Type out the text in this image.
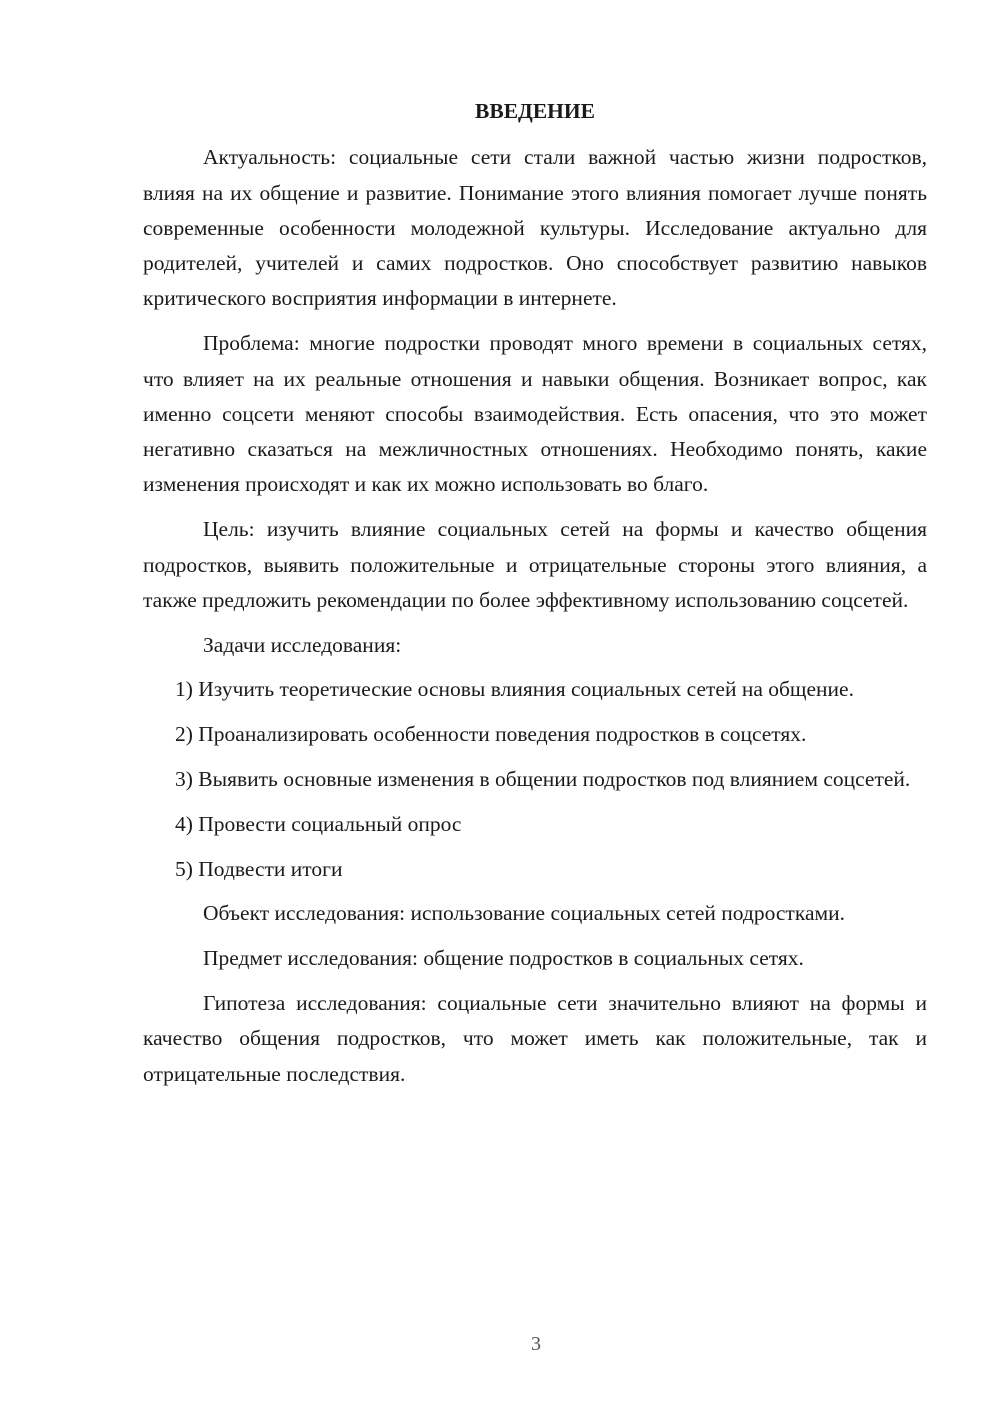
ВВЕДЕНИЕ

Актуальность: социальные сети стали важной частью жизни подростков, влияя на их общение и развитие. Понимание этого влияния помогает лучше понять современные особенности молодежной культуры. Исследование актуально для родителей, учителей и самих подростков. Оно способствует развитию навыков критического восприятия информации в интернете.

Проблема: многие подростки проводят много времени в социальных сетях, что влияет на их реальные отношения и навыки общения. Возникает вопрос, как именно соцсети меняют способы взаимодействия. Есть опасения, что это может негативно сказаться на межличностных отношениях. Необходимо понять, какие изменения происходят и как их можно использовать во благо.

Цель: изучить влияние социальных сетей на формы и качество общения подростков, выявить положительные и отрицательные стороны этого влияния, а также предложить рекомендации по более эффективному использованию соцсетей.

Задачи исследования:

1) Изучить теоретические основы влияния социальных сетей на общение.

2) Проанализировать особенности поведения подростков в соцсетях.

3) Выявить основные изменения в общении подростков под влиянием соцсетей.

4) Провести социальный опрос

5) Подвести итоги

Объект исследования: использование социальных сетей подростками.

Предмет исследования: общение подростков в социальных сетях.

Гипотеза исследования: социальные сети значительно влияют на формы и качество общения подростков, что может иметь как положительные, так и отрицательные последствия.

3
